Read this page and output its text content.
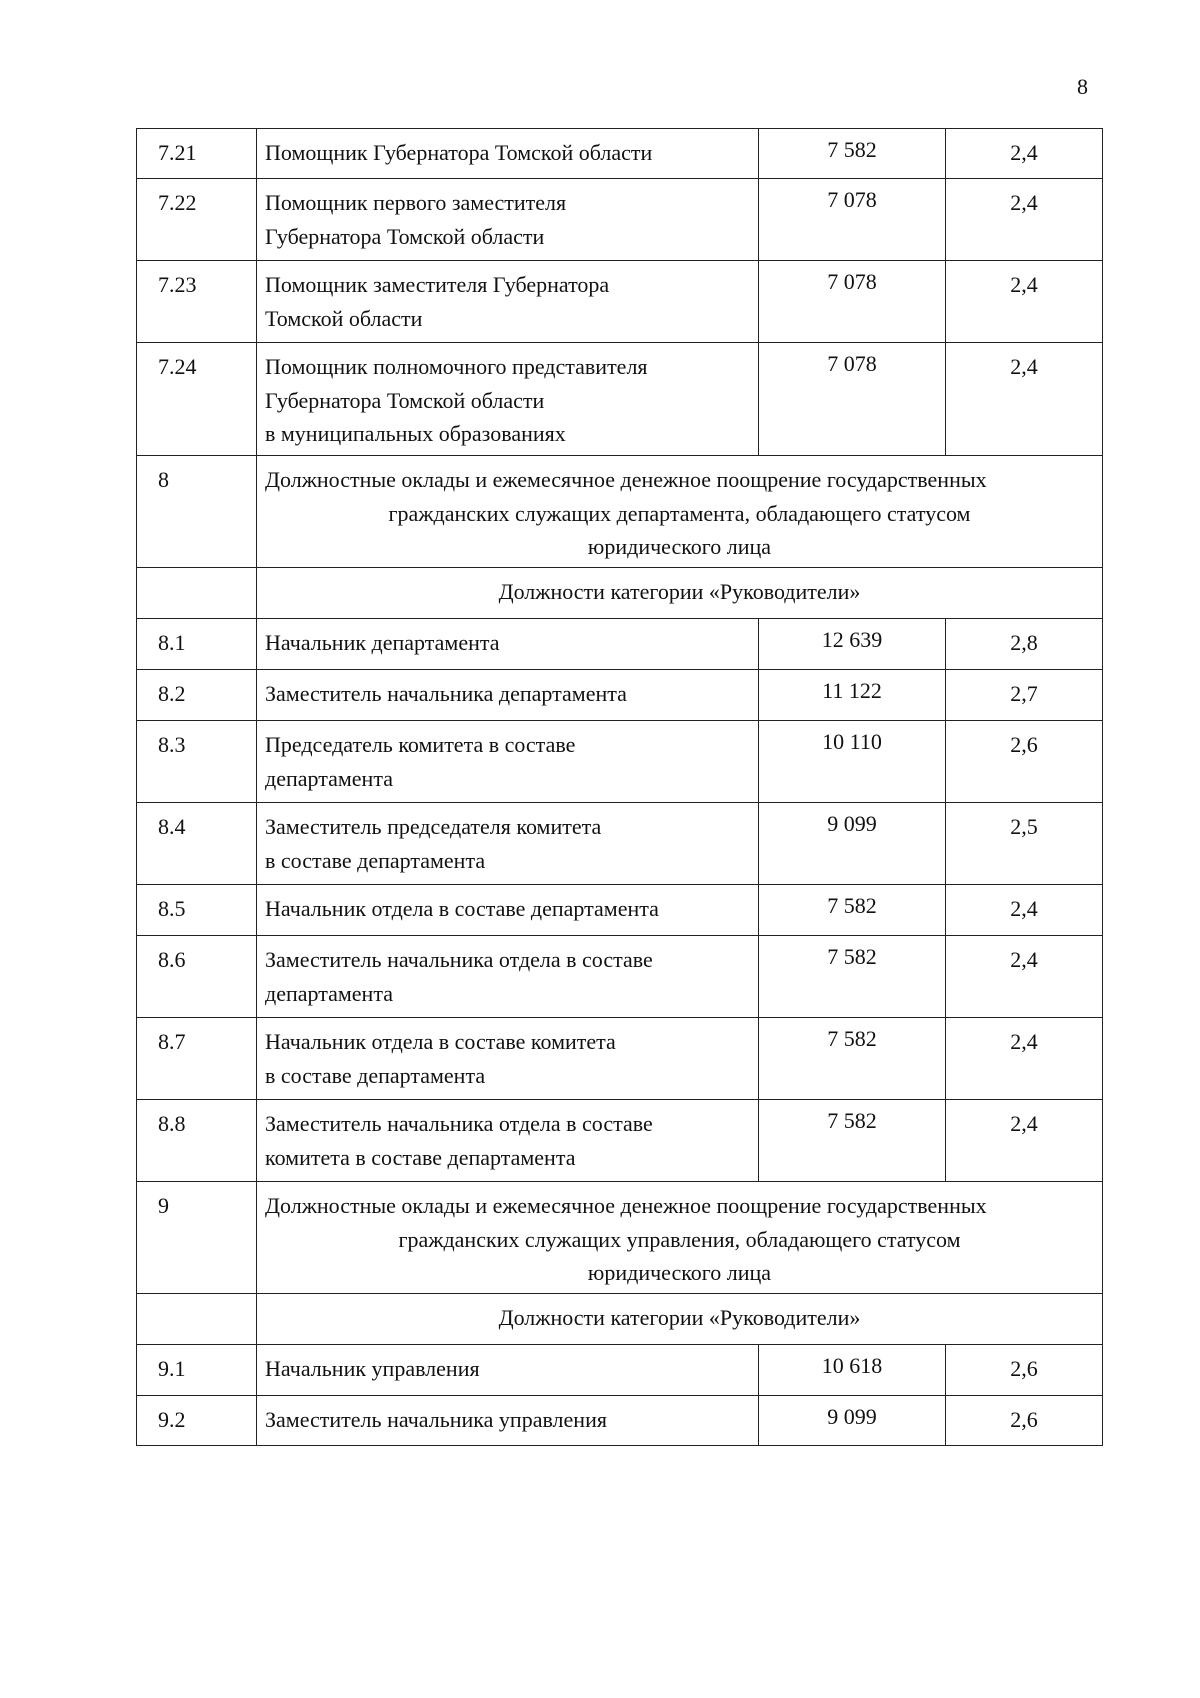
8
7.21	Помощник Губернатора Томской области	7 582	2,4
7.22	Помощник первого заместителя
Губернатора Томской области	7 078	2,4
7.23	Помощник заместителя Губернатора
Томской области	7 078	2,4
7.24	Помощник полномочного представителя
Губернатора Томской области
в муниципальных образованиях	7 078	2,4
8	Должностные оклады и ежемесячное денежное поощрение государственных
гражданских служащих департамента, обладающего статусом
юридического лица		

	Должности категории «Руководители»		
8.1	Начальник департамента	12 639	2,8
8.2	Заместитель начальника департамента	11 122	2,7
8.3	Председатель комитета в составе
департамента	10 110	2,6
8.4	Заместитель председателя комитета
в составе департамента	9 099	2,5
8.5	Начальник отдела в составе департамента	7 582	2,4
8.6	Заместитель начальника отдела в составе
департамента	7 582	2,4
8.7	Начальник отдела в составе комитета
в составе департамента	7 582	2,4
8.8	Заместитель начальника отдела в составе
комитета в составе департамента	7 582	2,4
9	Должностные оклады и ежемесячное денежное поощрение государственных
гражданских служащих управления, обладающего статусом
юридического лица		

	Должности категории «Руководители»		
9.1	Начальник управления	10 618	2,6
9.2	Заместитель начальника управления	9 099	2,6
